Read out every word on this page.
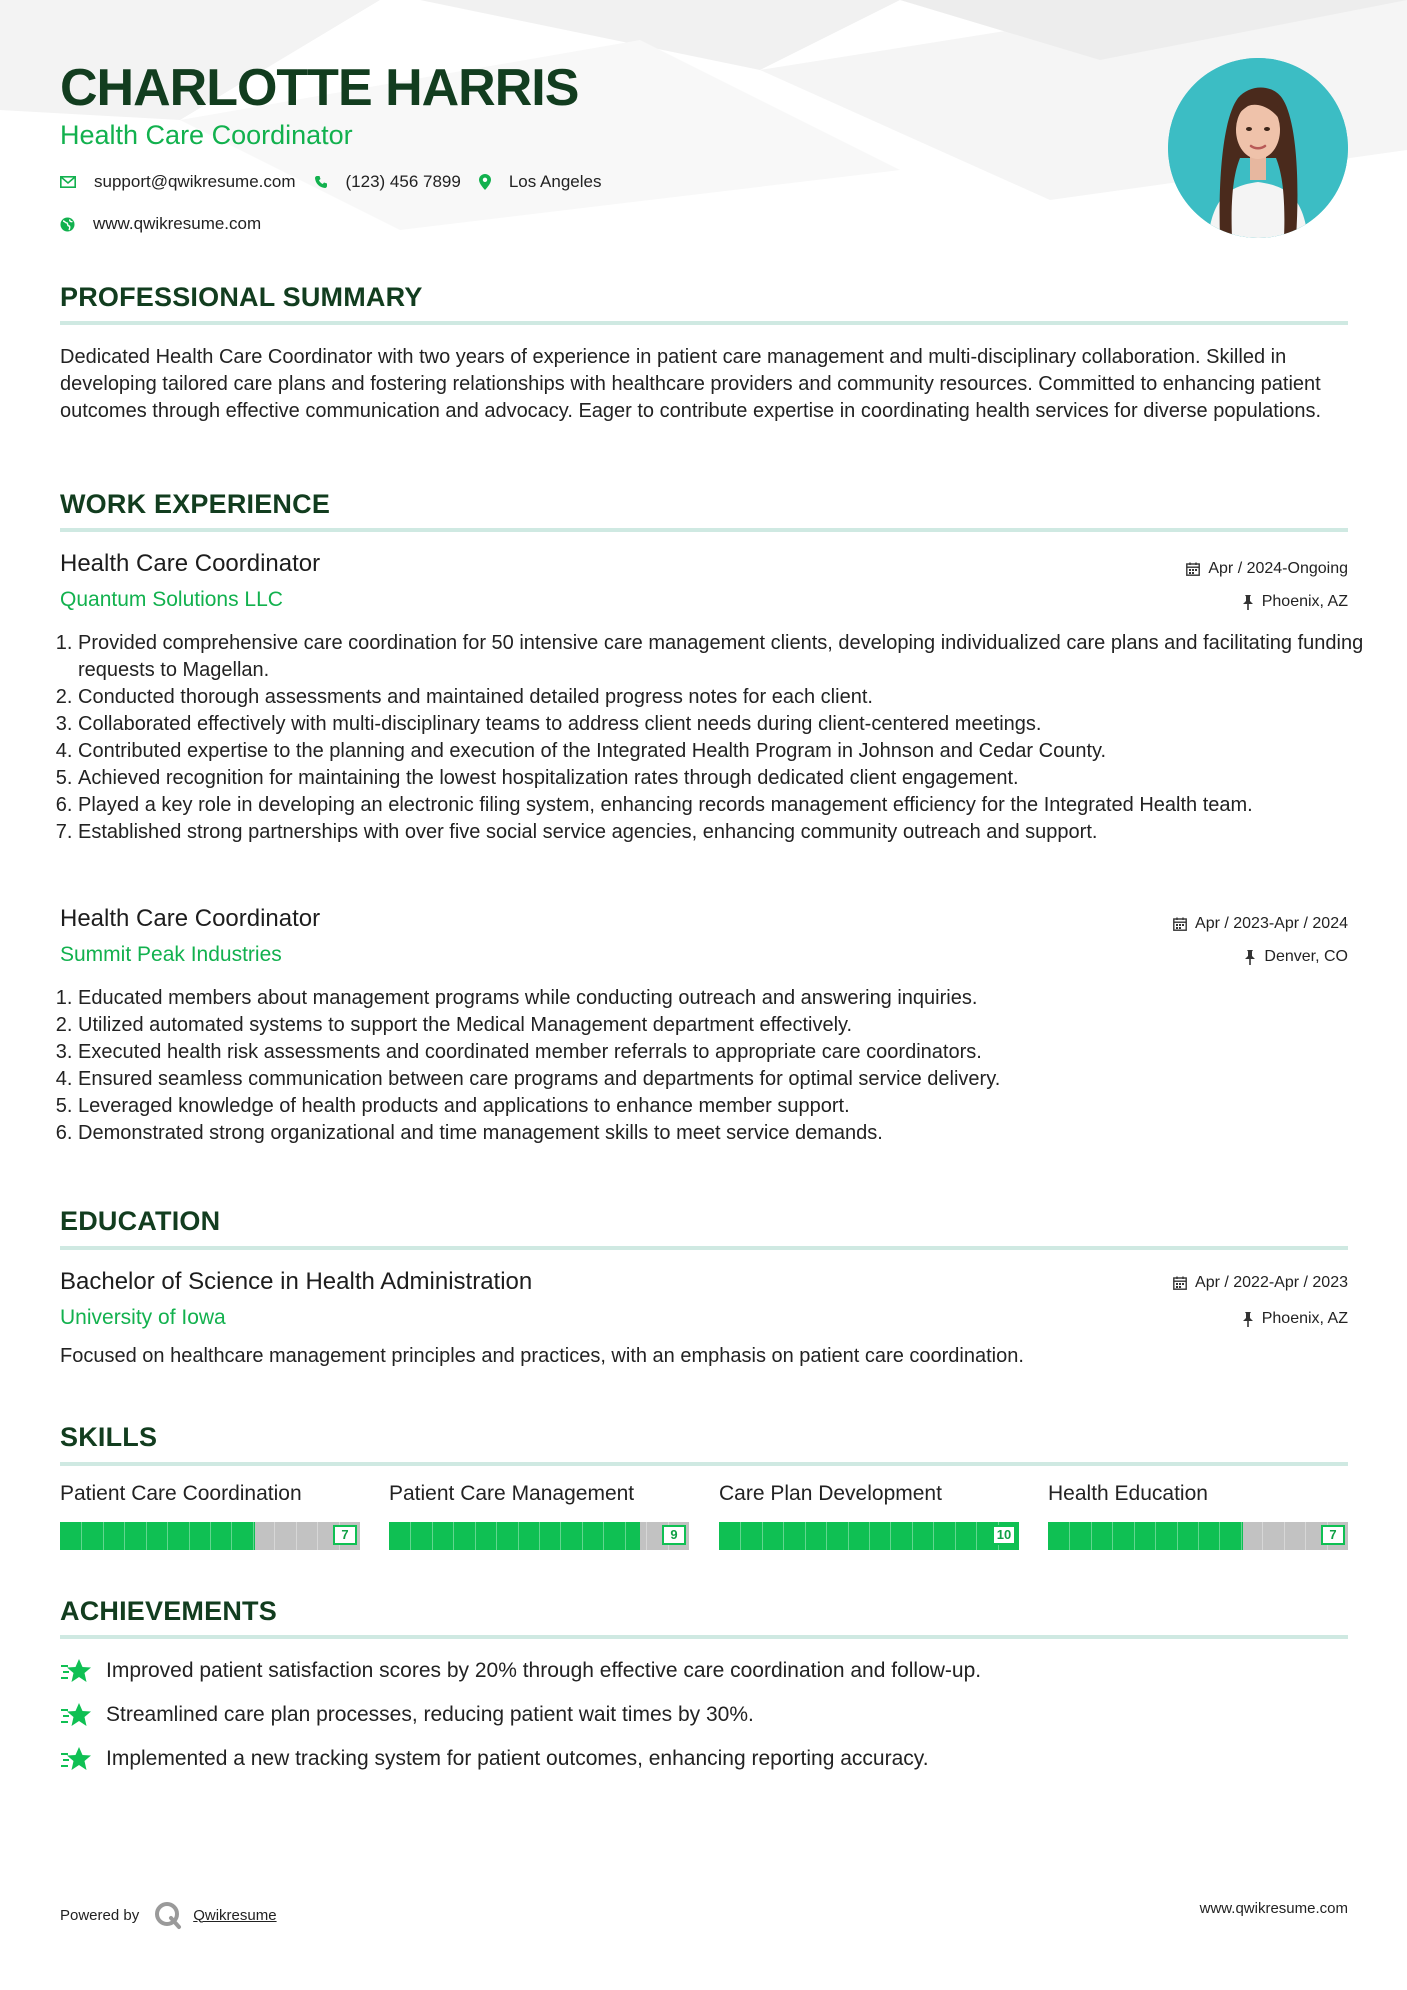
CHARLOTTE HARRIS
Health Care Coordinator
support@qwikresume.com	(123) 456 7899	Los Angeles
www.qwikresume.com
PROFESSIONAL SUMMARY

Dedicated Health Care Coordinator with two years of experience in patient care management and multi-disciplinary collaboration. Skilled in developing tailored care plans and fostering relationships with healthcare providers and community resources. Committed to enhancing patient outcomes through effective communication and advocacy. Eager to contribute expertise in coordinating health services for diverse populations.

WORK EXPERIENCE
Health Care Coordinator	Apr / 2024-Ongoing
Quantum Solutions LLC	Phoenix, AZ
1. Provided comprehensive care coordination for 50 intensive care management clients, developing individualized care plans and facilitating funding requests to Magellan.
2. Conducted thorough assessments and maintained detailed progress notes for each client.
3. Collaborated effectively with multi-disciplinary teams to address client needs during client-centered meetings.
4. Contributed expertise to the planning and execution of the Integrated Health Program in Johnson and Cedar County.
5. Achieved recognition for maintaining the lowest hospitalization rates through dedicated client engagement.
6. Played a key role in developing an electronic filing system, enhancing records management efficiency for the Integrated Health team.
7. Established strong partnerships with over five social service agencies, enhancing community outreach and support.
Health Care Coordinator	Apr / 2023-Apr / 2024
Summit Peak Industries	Denver, CO
1. Educated members about management programs while conducting outreach and answering inquiries.
2. Utilized automated systems to support the Medical Management department effectively.
3. Executed health risk assessments and coordinated member referrals to appropriate care coordinators.
4. Ensured seamless communication between care programs and departments for optimal service delivery.
5. Leveraged knowledge of health products and applications to enhance member support.
6. Demonstrated strong organizational and time management skills to meet service demands.
EDUCATION
Bachelor of Science in Health Administration	Apr / 2022-Apr / 2023
University of Iowa	Phoenix, AZ

Focused on healthcare management principles and practices, with an emphasis on patient care coordination.

SKILLS
Patient Care Coordination
7
Patient Care Management
9
Care Plan Development
10
Health Education
7
ACHIEVEMENTS
Improved patient satisfaction scores by 20% through effective care coordination and follow-up.
Streamlined care plan processes, reducing patient wait times by 30%.
Implemented a new tracking system for patient outcomes, enhancing reporting accuracy.
Powered by	Qwikresume	www.qwikresume.com
